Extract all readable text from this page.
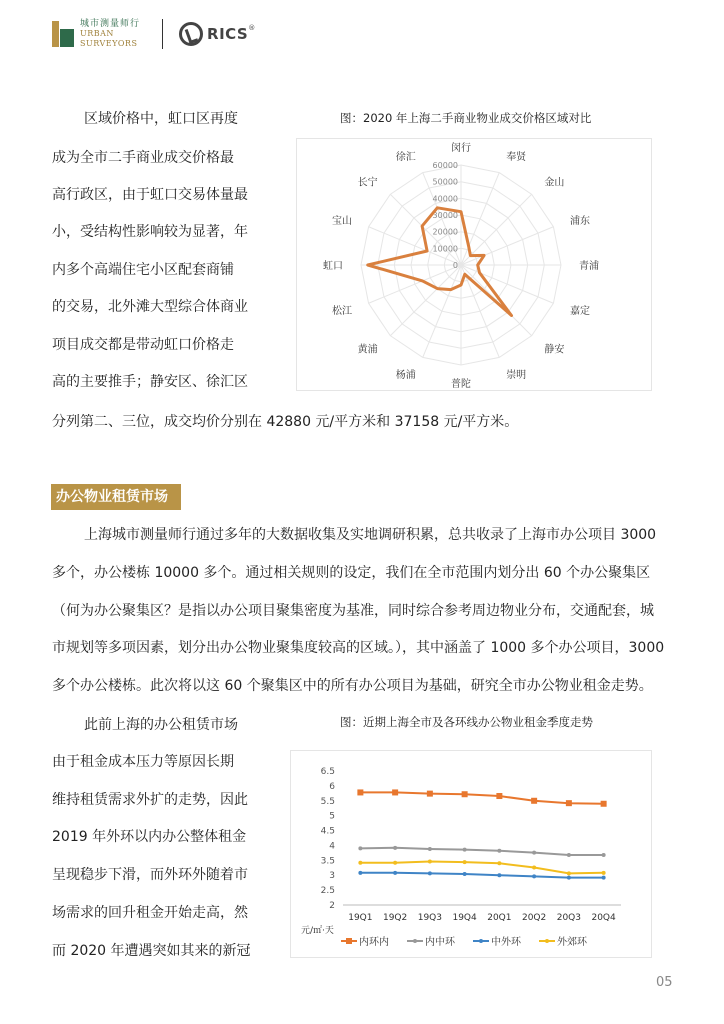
城市测量师行
URBAN
SURVEYORS
RICS ®
区域价格中，虹口区再度
成为全市二手商业成交价格最
高行政区，由于虹口交易体量最
小，受结构性影响较为显著，年
内多个高端住宅小区配套商铺
的交易，北外滩大型综合体商业
项目成交都是带动虹口价格走
高的主要推手；静安区、徐汇区
分列第二、三位，成交均价分别在 42880 元/平方米和 37158 元/平方米。
图：2020 年上海二手商业物业成交价格区域对比
0
10000
20000
30000
40000
50000
60000
闵行
奉贤
金山
浦东
青浦
嘉定
静安
崇明
普陀
杨浦
黄浦
松江
虹口
宝山
长宁
徐汇
办公物业租赁市场
上海城市测量师行通过多年的大数据收集及实地调研积累，总共收录了上海市办公项目 3000
多个，办公楼栋 10000 多个。通过相关规则的设定，我们在全市范围内划分出 60 个办公聚集区
（何为办公聚集区？是指以办公项目聚集密度为基准，同时综合参考周边物业分布，交通配套，城
市规划等多项因素，划分出办公物业聚集度较高的区域。），其中涵盖了 1000 多个办公项目，3000
多个办公楼栋。此次将以这 60 个聚集区中的所有办公项目为基础，研究全市办公物业租金走势。
此前上海的办公租赁市场
由于租金成本压力等原因长期
维持租赁需求外扩的走势，因此
2019 年外环以内办公整体租金
呈现稳步下滑，而外环外随着市
场需求的回升租金开始走高，然
而 2020 年遭遇突如其来的新冠
图：近期上海全市及各环线办公物业租金季度走势
2
2.5
3
3.5
4
4.5
5
5.5
6
6.5
19Q1 19Q2 19Q3 19Q4 20Q1 20Q2 20Q3 20Q4
元/㎡·天
内环内	内中环	中外环	外郊环
05
